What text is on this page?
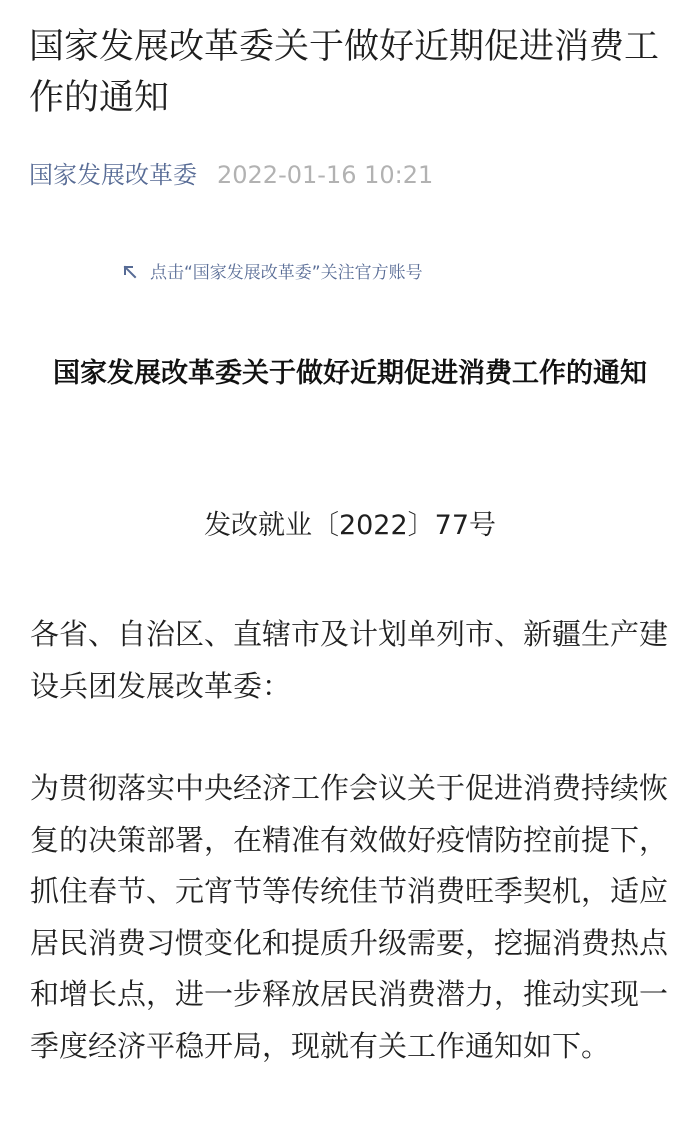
国家发展改革委关于做好近期促进消费工作的通知
国家发展改革委 2022-01-16 10:21
点击“国家发展改革委”关注官方账号
国家发展改革委关于做好近期促进消费工作的通知
发改就业〔2022〕77号

各省、自治区、直辖市及计划单列市、新疆生产建设兵团发展改革委：

为贯彻落实中央经济工作会议关于促进消费持续恢复的决策部署，在精准有效做好疫情防控前提下，抓住春节、元宵节等传统佳节消费旺季契机，适应居民消费习惯变化和提质升级需要，挖掘消费热点和增长点，进一步释放居民消费潜力，推动实现一季度经济平稳开局，现就有关工作通知如下。
